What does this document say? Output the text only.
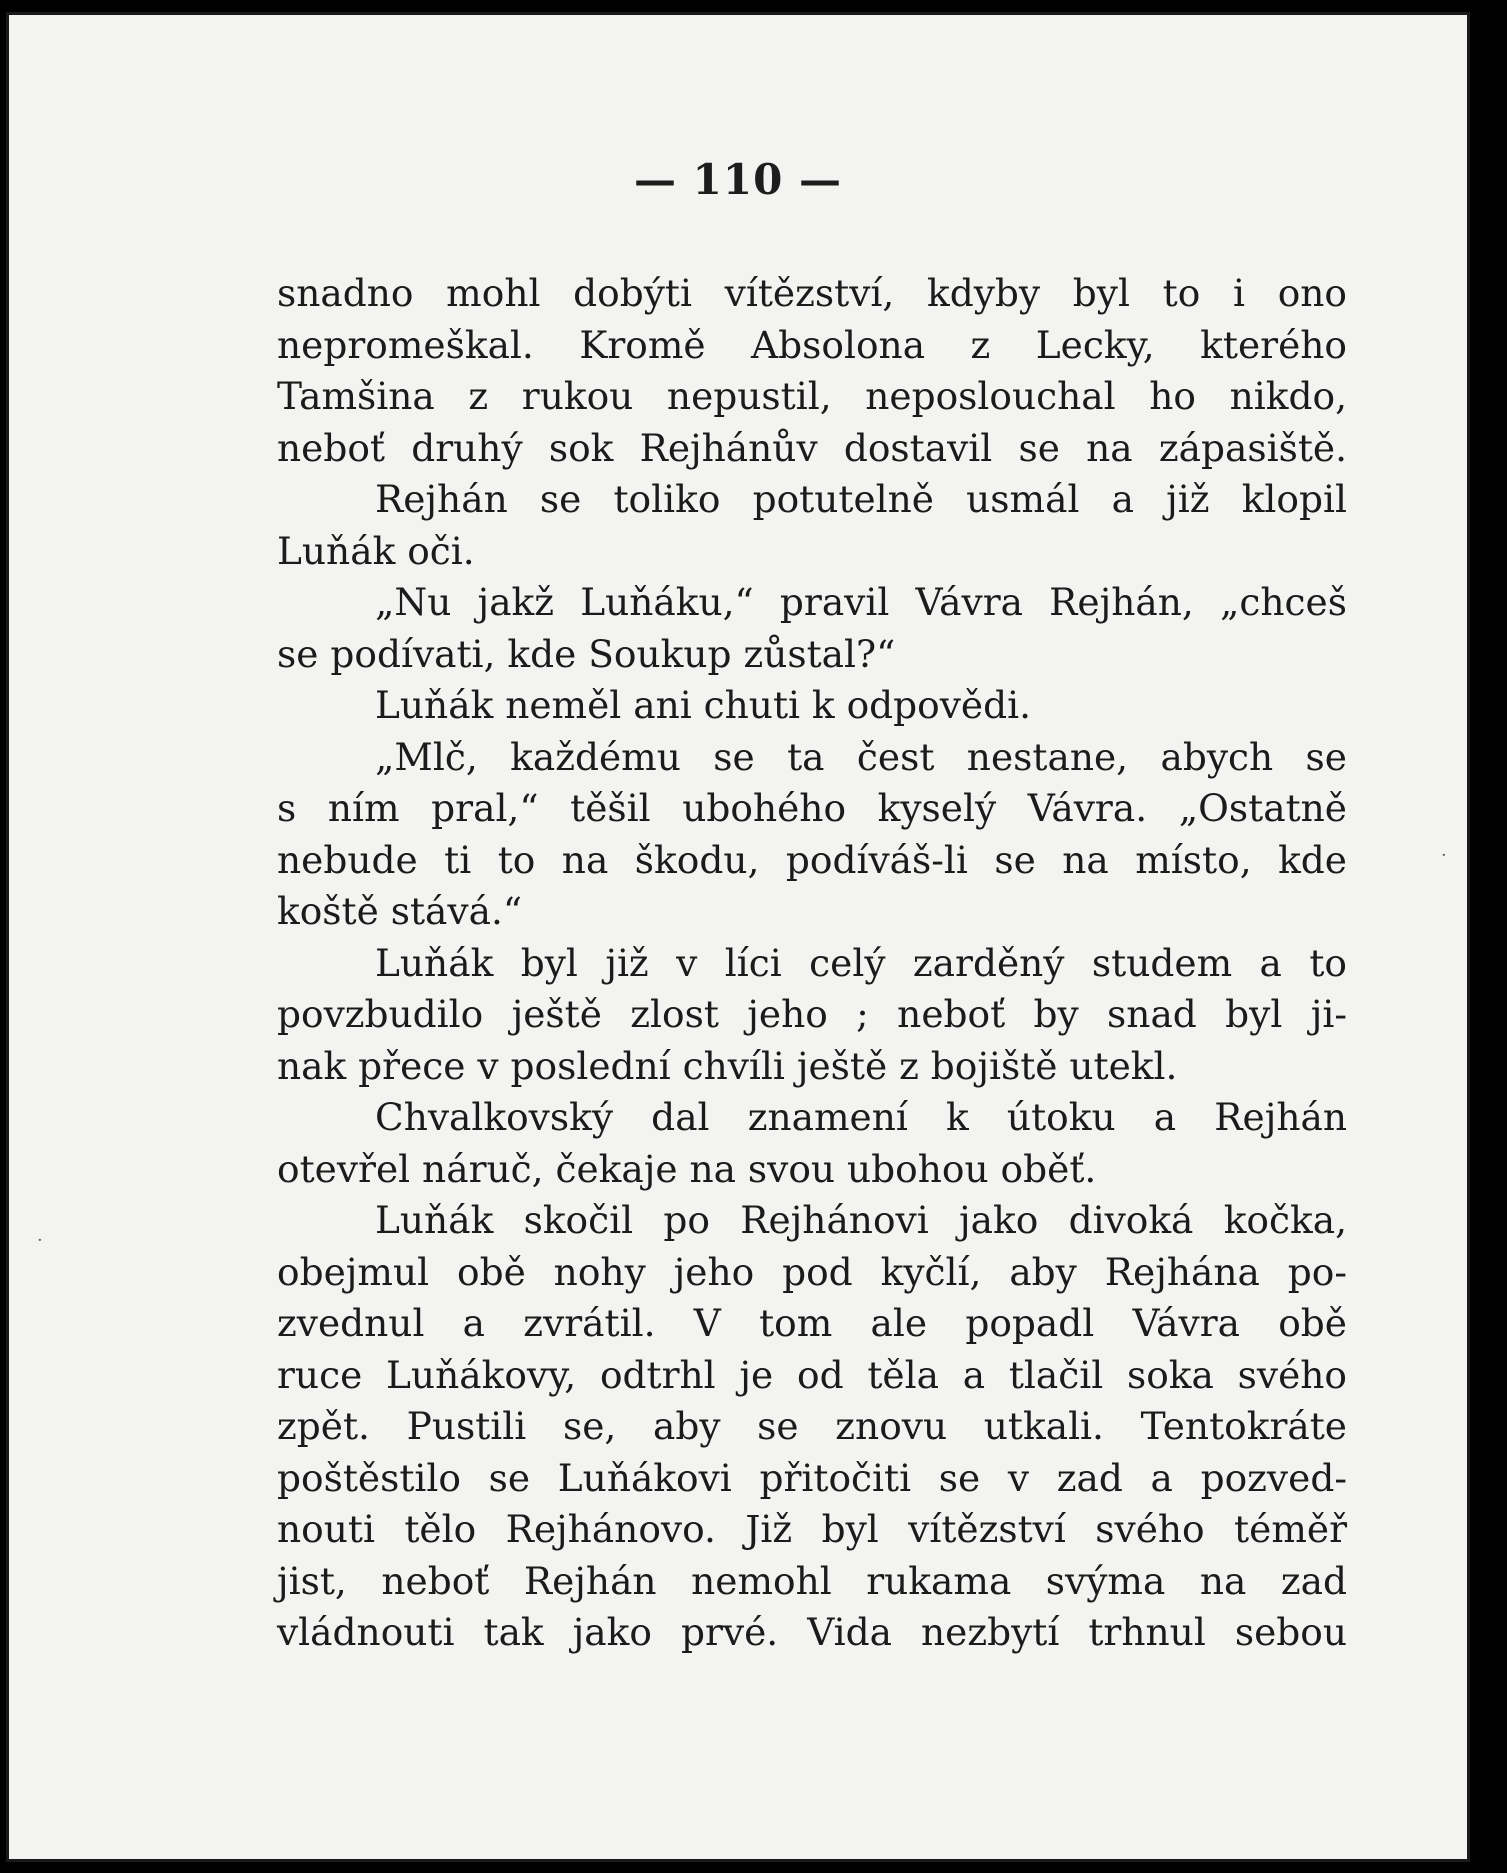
— 110 —
snadno mohl dobýti vítězství, kdyby byl to i ono
nepromeškal. Kromě Absolona z Lecky, kterého
Tamšina z rukou nepustil, neposlouchal ho nikdo,
neboť druhý sok Rejhánův dostavil se na zápasiště.
Rejhán se toliko potutelně usmál a již klopil
Luňák oči.
„Nu jakž Luňáku,“ pravil Vávra Rejhán, „chceš
se podívati, kde Soukup zůstal?“
Luňák neměl ani chuti k odpovědi.
„Mlč, každému se ta čest nestane, abych se
s ním pral,“ těšil ubohého kyselý Vávra. „Ostatně
nebude ti to na škodu, podíváš-li se na místo, kde
koště stává.“
Luňák byl již v líci celý zarděný studem a to
povzbudilo ještě zlost jeho ; neboť by snad byl ji-
nak přece v poslední chvíli ještě z bojiště utekl.
Chvalkovský dal znamení k útoku a Rejhán
otevřel náruč, čekaje na svou ubohou oběť.
Luňák skočil po Rejhánovi jako divoká kočka,
obejmul obě nohy jeho pod kyčlí, aby Rejhána po-
zvednul a zvrátil. V tom ale popadl Vávra obě
ruce Luňákovy, odtrhl je od těla a tlačil soka svého
zpět. Pustili se, aby se znovu utkali. Tentokráte
poštěstilo se Luňákovi přitočiti se v zad a pozved-
nouti tělo Rejhánovo. Již byl vítězství svého téměř
jist, neboť Rejhán nemohl rukama svýma na zad
vládnouti tak jako prvé. Vida nezbytí trhnul sebou
·
·
